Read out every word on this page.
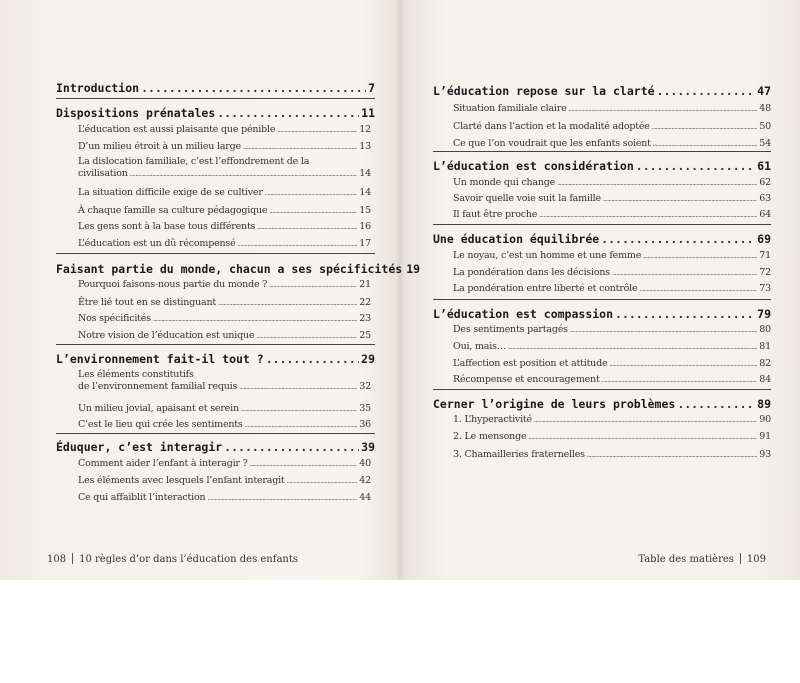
Introduction .....	7
Dispositions prénatales .....	11
L’éducation est aussi plaisante que pénible .....	12
D’un milieu étroit à un milieu large .....	13
La dislocation familiale, c’est l’effondrement de la
civilisation .....	14
La situation difficile exige de se cultiver .....	14
À chaque famille sa culture pédagogique .....	15
Les gens sont à la base tous différents .....	16
L’éducation est un dû récompensé .....	17
Faisant partie du monde, chacun a ses spécificités 19
Pourquoi faisons-nous partie du monde ? .....	21
Être lié tout en se distinguant .....	22
Nos spécificités .....	23
Notre vision de l’éducation est unique .....	25
L’environnement fait-il tout ? .....	29
Les éléments constitutifs
de l’environnement familial requis .....	32
Un milieu jovial, apaisant et serein .....	35
C’est le lieu qui crée les sentiments .....	36
Éduquer, c’est interagir .....	39
Comment aider l’enfant à interagir ? .....	40
Les éléments avec lesquels l’enfant interagit .....	42
Ce qui affaiblit l’interaction .....	44
108 10 règles d’or dans l’éducation des enfants
L’éducation repose sur la clarté .....	47
Situation familiale claire .....	48
Clarté dans l’action et la modalité adoptée .....	50
Ce que l’on voudrait que les enfants soient .....	54
L’éducation est considération .....	61
Un monde qui change .....	62
Savoir quelle voie suit la famille .....	63
Il faut être proche .....	64
Une éducation équilibrée .....	69
Le noyau, c’est un homme et une femme .....	71
La pondération dans les décisions .....	72
La pondération entre liberté et contrôle .....	73
L’éducation est compassion .....	79
Des sentiments partagés .....	80
Oui, mais… .....	81
L’affection est position et attitude .....	82
Récompense et encouragement .....	84
Cerner l’origine de leurs problèmes .....	89
1. L’hyperactivité .....	90
2. Le mensonge .....	91
3. Chamailleries fraternelles .....	93
Table des matières 109
